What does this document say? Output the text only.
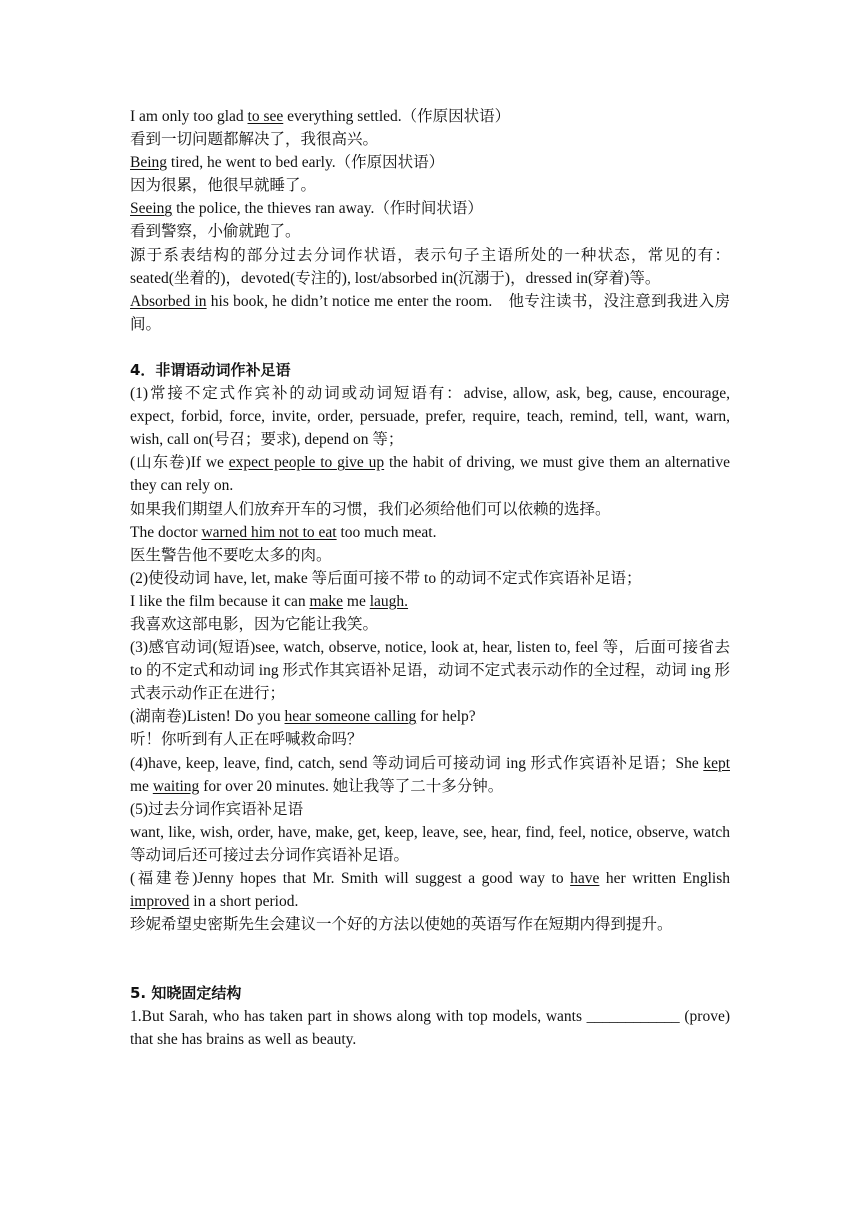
I am only too glad to see everything settled.（作原因状语）

看到一切问题都解决了，我很高兴。

Being tired, he went to bed early.（作原因状语）

因为很累，他很早就睡了。

Seeing the police, the thieves ran away.（作时间状语）

看到警察，小偷就跑了。

源于系表结构的部分过去分词作状语，表示句子主语所处的一种状态，常见的有：seated(坐着的)，devoted(专注的), lost/absorbed in(沉溺于)，dressed in(穿着)等。

Absorbed in his book, he didn’t notice me enter the room.　他专注读书，没注意到我进入房间。

4．非谓语动词作补足语

(1)常接不定式作宾补的动词或动词短语有：advise, allow, ask, beg, cause, encourage, expect, forbid, force, invite, order, persuade, prefer, require, teach, remind, tell, want, warn, wish, call on(号召；要求), depend on 等；

(山东卷)If we expect people to give up the habit of driving, we must give them an alternative they can rely on.

如果我们期望人们放弃开车的习惯，我们必须给他们可以依赖的选择。

The doctor warned him not to eat too much meat.

医生警告他不要吃太多的肉。

(2)使役动词 have, let, make 等后面可接不带 to 的动词不定式作宾语补足语；

I like the film because it can make me laugh.

我喜欢这部电影，因为它能让我笑。

(3)感官动词(短语)see, watch, observe, notice, look at, hear, listen to, feel 等，后面可接省去 to 的不定式和动词 ing 形式作其宾语补足语，动词不定式表示动作的全过程，动词 ing 形式表示动作正在进行；

(湖南卷)Listen! Do you hear someone calling for help?

听！你听到有人正在呼喊救命吗？

(4)have, keep, leave, find, catch, send 等动词后可接动词 ing 形式作宾语补足语；She kept me waiting for over 20 minutes. 她让我等了二十多分钟。

(5)过去分词作宾语补足语

want, like, wish, order, have, make, get, keep, leave, see, hear, find, feel, notice, observe, watch 等动词后还可接过去分词作宾语补足语。

(福建卷)Jenny hopes that Mr. Smith will suggest a good way to have her written English improved in a short period.

珍妮希望史密斯先生会建议一个好的方法以使她的英语写作在短期内得到提升。

5. 知晓固定结构

1.But Sarah, who has taken part in shows along with top models, wants ____________ (prove) that she has brains as well as beauty.
